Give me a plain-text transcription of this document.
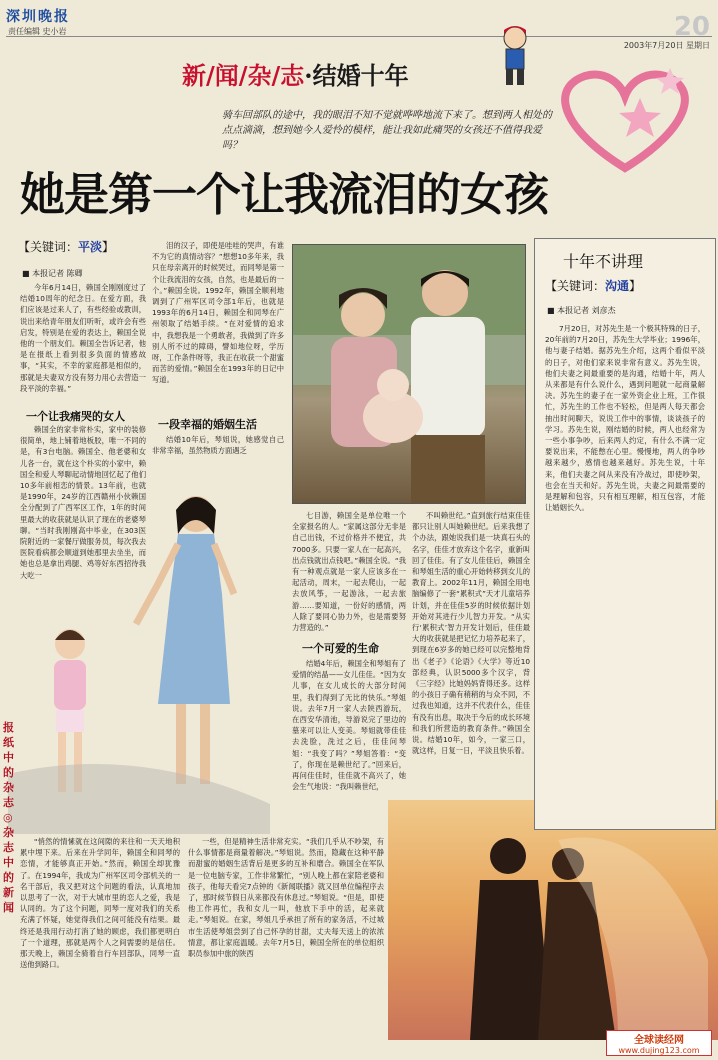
深圳晚报
责任编辑 史小岩	20
2003年7月20日 星期日
新/闻/杂/志·结婚十年
骑车回部队的途中，我的眼泪不知不觉就哗哗地流下来了。想到两人相处的点点滴滴，想到她今人爱怜的模样，能让我如此痛哭的女孩还不值得我爱吗？
她是第一个让我流泪的女孩
【关键词：平淡】
■ 本报记者 陈卿

今年6月14日，赖国全刚刚度过了结婚10周年的纪念日。在爱方面，我们应该是过来人了，有些经验或教训，说出来给青年朋友们听听，或许会有些启发，特别是在爱的表达上，赖国全说他的一个朋友们。赖国全告诉记者，他是在报纸上看到很多负面的情感故事，“其实，不幸的家庭都是相似的，那就是夫妻双方没有努力用心去营造一段平淡的幸福。”

一个让我痛哭的女人

赖国全的家非常朴实，家中的装修很简单，地上铺着地板胶，唯一不同的是，有3台电脑。赖国全、他老婆和女儿各一台，就在这个朴实的小家中，赖国全和爱人琴聊起动情地回忆起了他们10多年前相恋的情景。13年前，也就是1990年，24岁的江西赣州小伙赖国全分配到了广西军区工作，1年的时间里最大的收获就是认识了现在的老婆琴聊。“当时我刚刚高中毕业，在303医院附近的一家餐厅做服务员，每次我去医院看病都会顺道到她那里去坐坐，而她也总是拿出鸡腿、鸡等好东西招待我大吃一

泪的汉子，即使是哇哇的哭声，有谁不为它的真情动容？”想想10多年来，我只在母亲离开的时候哭过，而同琴是第一个让我流泪的女孩，自然，也是最后的一个。”赖国全说。1992年，赖国全顺利地调到了广州军区司令部1年后，也就是1993年的6月14日，赖国全和同琴在广州领取了结婚手续。“在对爱情的追求中，我想我是一个勇敢者，我做到了许多别人所不过的障碍，譬如地位呀，学历呀，工作条件呀等，我正在收获一个甜蜜而苦的爱情。”赖国全在1993年的日记中写道。

一段幸福的婚姻生活

结婚10年后，琴姐说，她感觉自己非常幸福，虽然物质方面遇乏

七目游，赖国全是单位唯一个全家报名的人。“家属这部分无非是自己出钱，不过价格并不便宜，共7000多。只要一家人在一起高兴，出点钱就出点钱吧。”赖国全说。“我有一种观点就是一家人应该多在一起活动，周末，一起去爬山，一起去放风筝，一起游泳，一起去旅游……要知道，一份好的感情，两人除了要同心协力外，也是需要努力营造的。”

一个可爱的生命

结婚4年后，赖国全和琴姐有了爱情的结晶——女儿佳佳。“因为女儿事，在女儿成长的大部分时间里，我们得到了无比的快乐。”琴姐说。去年7月一家人去陕西游玩，在西安华清池，导游说完了里边的墓来可以让人变美。琴姐就带佳佳去洗脸，洗过之后，佳佳问琴姐：“我变了吗？”琴姐答着：“变了，你现在是赖世纪了。”回来后，再问佳佳时，佳佳就不高兴了，她会生气地说：“我叫赖世纪，

不叫赖世纪。”直到旅行结束佳佳都只让别人叫她赖世纪。后来我想了个办法，跟她说我们是一块真石头的名字，佳佳才放弃这个名字，重新叫回了佳佳。有了女儿佳佳后，赖国全和琴姐生活的重心开始转移到女儿的教育上。2002年11月，赖国全用电脑编修了一套“累积式”天才儿童培养计划，并在佳佳5岁的时候依据计划开始对其进行少儿智力开发。“从实行‘累积式’智力开发计划后，佳佳最大的收获就是把记忆力培养起来了，到现在6岁多的她已经可以完整地背出《老子》《论语》《大学》等近10部经典，认识5000多个汉字，背《三字经》比她妈妈背得还多。这样的小孩日子确有稍稍的与众不同，不过我也知道，这并不代表什么，佳佳有没有出息，取决于今后的成长环境和我们所营造的教育条件。”赖国全说。结婚10年，如今，一家三口，就这样，日复一日，平淡且快乐着。

"悄然的情愫就在这间隙的来往和一天天地积累中埋下来。后来在升学同年，赖国全和同琴的恋情，才能够真正开始。”然而，赖国全却犹豫了。在1994年，我成为广州军区司令部机关的一名干部后，我又把对这个问题的看法，认真地加以思考了一次，对于大城市里的恋人之爱，我是认同的。为了这个问题，同琴一度对我们的关系充满了怀疑，她觉得我们之间可能没有结果。最终还是我用行动打消了她的顾虑，我们都更明白了一个道理，那就是两个人之间需要的是信任。那天晚上，赖国全骑着自行车回部队，同琴一直送他到路口。

一些，但是精神生活非常充实。“我们几乎从不吵架，有什么事情都是商量着解决。”琴姐说。然而，隐藏在这种平静而甜蜜的婚姻生活背后是更多的互补和磨合。赖国全在军队是一位电脑专家，工作非常繁忙，“别人晚上都在家陪老婆和孩子，他每天看完7点钟的《新闻联播》就又回单位编程序去了，那时候节假日从来都没有休息过。”琴姐说。“但是，即使他工作再忙，我和女儿一叫，他放下手中的活，起来就走。”琴姐说。在家，琴姐几乎承担了所有的家务活，不过城市生活使琴姐尝到了自己怀孕的甘甜，丈夫每天送上的浓浓情意，都让家庭温暖。去年7月5日，赖国全所在的单位组织职员参加中旅的陕西

十年不讲理
【关键词：沟通】
■ 本报记者 刘彦杰

7月20日，对苏先生是一个极其特殊的日子，20年前的7月20日，苏先生大学毕业；1996年，他与妻子结婚。据苏先生介绍，这两个看似平淡的日子，对他们家来说非常有意义。苏先生说，他们夫妻之间最重要的是沟通，结婚十年，两人从来都是有什么说什么，遇到问题就一起商量解决。苏先生的妻子在一家外资企业上班，工作很忙，苏先生的工作也不轻松，但是两人每天都会抽出时间聊天，说说工作中的事情，谈谈孩子的学习。苏先生说，刚结婚的时候，两人也经常为一些小事争吵，后来两人约定，有什么不满一定要说出来，不能憋在心里。慢慢地，两人的争吵越来越少，感情也越来越好。苏先生说，十年来，他们夫妻之间从来没有冷战过，即使吵架，也会在当天和好。苏先生说，夫妻之间最需要的是理解和包容，只有相互理解，相互包容，才能让婚姻长久。

报纸中的杂志◎杂志中的新闻
全球读经网
www.dujing123.com
